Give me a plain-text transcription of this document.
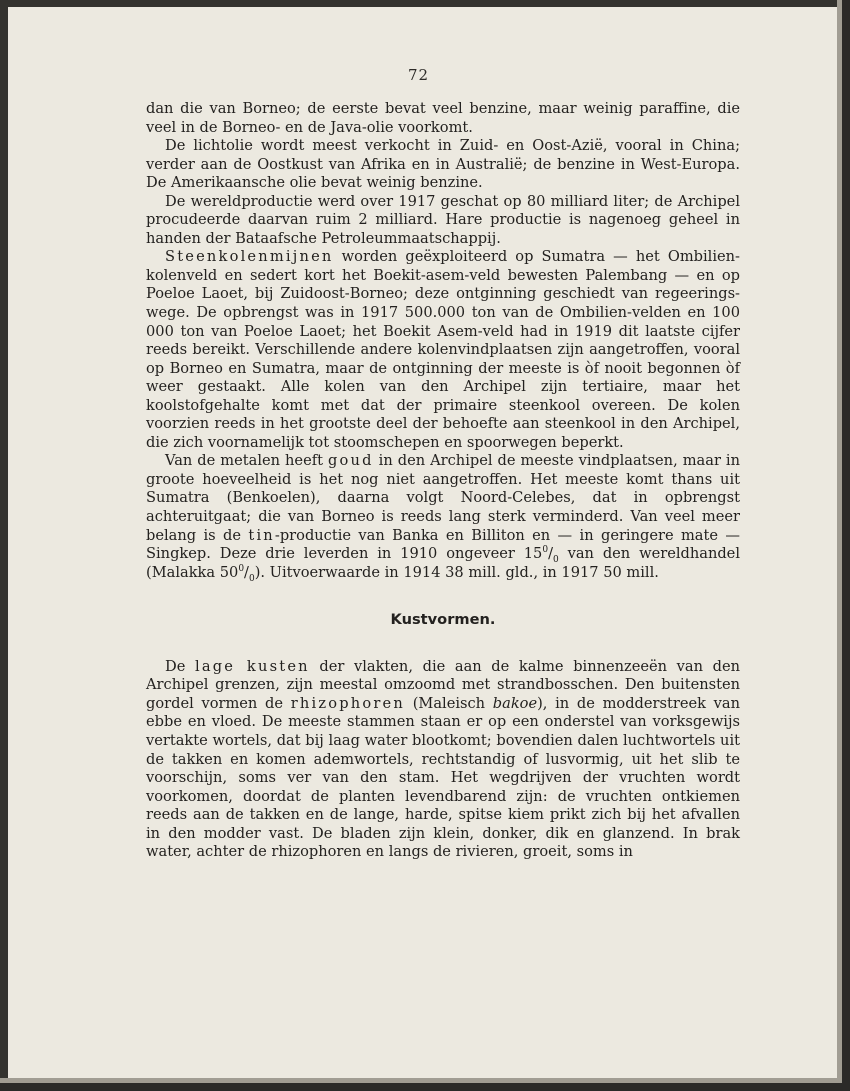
72

dan die van Borneo; de eerste bevat veel benzine, maar weinig paraffine, die veel in de Borneo- en de Java-olie voorkomt.

De lichtolie wordt meest verkocht in Zuid- en Oost-Azië, vooral in China; verder aan de Oostkust van Afrika en in Australië; de benzine in West-Europa. De Amerikaansche olie bevat weinig benzine.

De wereldproductie werd over 1917 geschat op 80 milliard liter; de Archipel procudeerde daarvan ruim 2 milliard. Hare productie is nagenoeg geheel in handen der Bataafsche Petroleummaatschappij.

Steenkolenmijnen worden geëxploiteerd op Sumatra — het Ombilien-kolenveld en sedert kort het Boekit-asem-veld bewesten Palembang — en op Poeloe Laoet, bij Zuidoost-Borneo; deze ontginning geschiedt van regeerings-wege. De opbrengst was in 1917 500.000 ton van de Ombilien-velden en 100 000 ton van Poeloe Laoet; het Boekit Asem-veld had in 1919 dit laatste cijfer reeds bereikt. Verschillende andere kolenvindplaatsen zijn aangetroffen, vooral op Borneo en Sumatra, maar de ontginning der meeste is òf nooit begonnen òf weer gestaakt. Alle kolen van den Archipel zijn tertiaire, maar het koolstofgehalte komt met dat der primaire steenkool overeen. De kolen voorzien reeds in het grootste deel der behoefte aan steenkool in den Archipel, die zich voornamelijk tot stoomschepen en spoorwegen beperkt.

Van de metalen heeft goud in den Archipel de meeste vindplaatsen, maar in groote hoeveelheid is het nog niet aangetroffen. Het meeste komt thans uit Sumatra (Benkoelen), daarna volgt Noord-Celebes, dat in opbrengst achteruitgaat; die van Borneo is reeds lang sterk verminderd. Van veel meer belang is de tin-productie van Banka en Billiton en — in geringere mate — Singkep. Deze drie leverden in 1910 ongeveer $15^0/_0$ van den wereldhandel (Malakka $50^0/_0$). Uitvoerwaarde in 1914 38 mill. gld., in 1917 50 mill.

Kustvormen.

De lage kusten der vlakten, die aan de kalme binnenzeeën van den Archipel grenzen, zijn meestal omzoomd met strandbosschen. Den buitensten gordel vormen de rhizophoren (Maleisch bakoe), in de modderstreek van ebbe en vloed. De meeste stammen staan er op een onderstel van vorksgewijs vertakte wortels, dat bij laag water blootkomt; bovendien dalen luchtwortels uit de takken en komen ademwortels, rechtstandig of lusvormig, uit het slib te voorschijn, soms ver van den stam. Het wegdrijven der vruchten wordt voorkomen, doordat de planten levendbarend zijn: de vruchten ontkiemen reeds aan de takken en de lange, harde, spitse kiem prikt zich bij het afvallen in den modder vast. De bladen zijn klein, donker, dik en glanzend. In brak water, achter de rhizophoren en langs de rivieren, groeit, soms in
